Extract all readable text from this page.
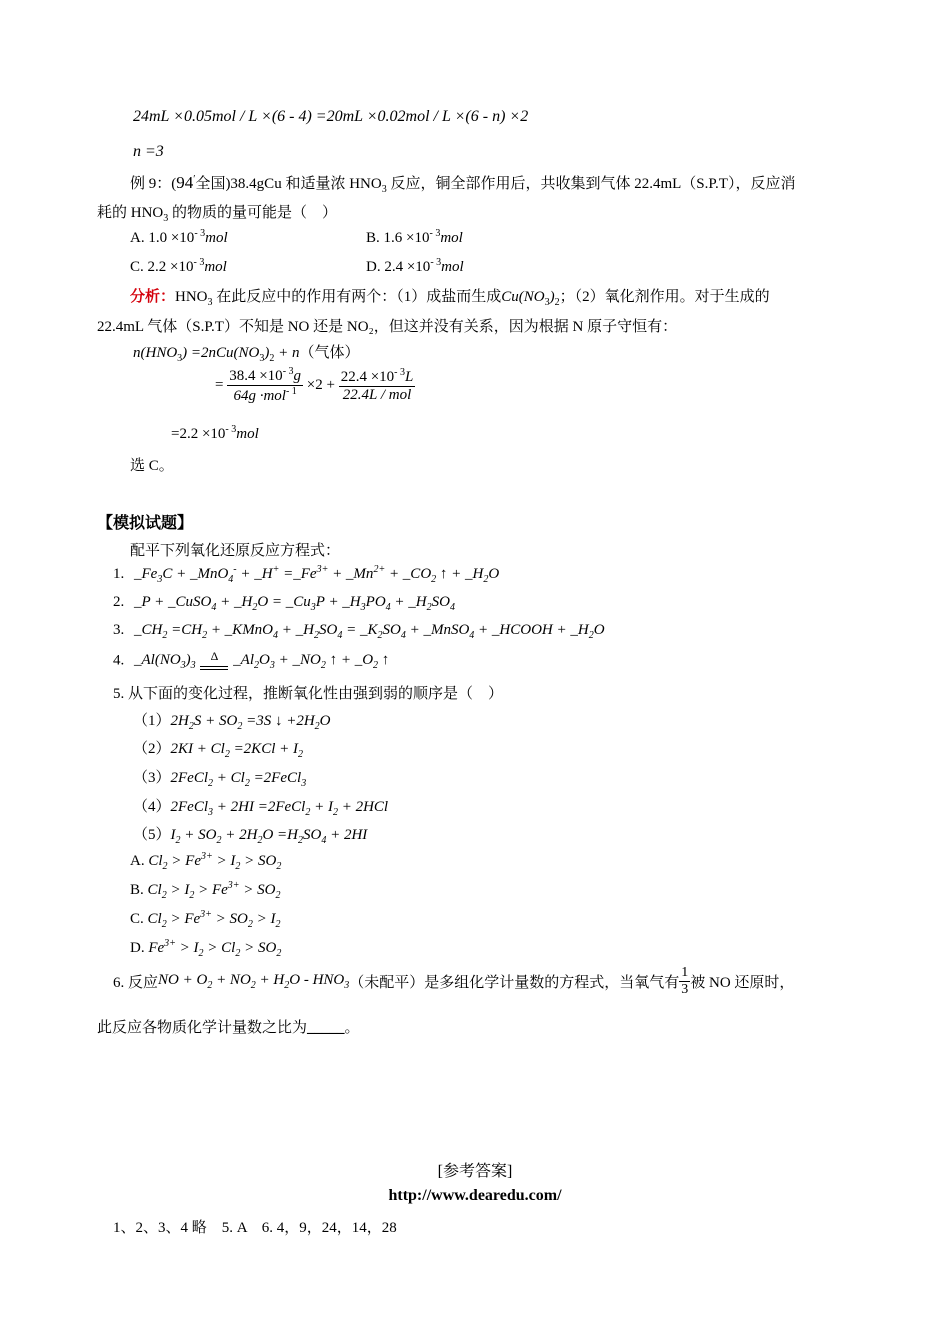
24mL ×0.05mol / L ×(6 - 4) =20mL ×0.02mol / L ×(6 - n) ×2
n =3
例 9：(94′全国)38.4gCu 和适量浓 $HNO_3$ 反应，铜全部作用后，共收集到气体 22.4mL（S.P.T），反应消
耗的 $HNO_3$ 的物质的量可能是（　）
A. $1.0 \times 10^{- 3}mol$	B. $1.6 \times 10^{- 3}mol$
C. $2.2 \times 10^{- 3}mol$	D. $2.4 \times 10^{- 3}mol$
分析：$HNO_3$ 在此反应中的作用有两个：（1）成盐而生成$Cu(NO_3)_2$；（2）氧化剂作用。对于生成的
22.4mL 气体（S.P.T）不知是 NO 还是 NO₂，但这并没有关系，因为根据 N 原子守恒有：
$n(HNO_3) =2nCu(NO_3)_2 + n$（气体）
= $\frac{38.4 \times 10^{- 3}g}{64g \cdot mol^{- 1}} \times 2 + \frac{22.4 \times 10^{- 3}L}{\text{22.4L / mol}}$
$=2.2 \times 10^{- 3}mol$
选 C。
【模拟试题】
配平下列氧化还原反应方程式：
1. $\_Fe_3C$ + _MnO$_4$- + _H+ $=\_Fe^{3+}$ + $\_Mn^{2+}$ + $\_CO_2$ ↑ + $\_H_2O$
2. _P + _CuSO$_4$ + $\_H_2O$ = $\_Cu_3P$ + $\_H_3PO_4$ + $\_H_2SO_4$
3. $\_CH_2 =CH_2$ + _KMnO$_4$ + $\_H_2SO_4$ = $\_K_2SO_4$ + _MnSO$_4$ + _HCOOH + $\_H_2O$
4. $\_Al(NO_3)_3$ Δ $\_Al_2O_3$ + $\_NO_2$ ↑ + $\_O_2$ ↑
5. 从下面的变化过程，推断氧化性由强到弱的顺序是（　）
$(1)2H_2S + SO_2 =3S$ ↓ $+2H_2O$
$(2)2KI + Cl_2 =2KCl + I_2$
（3）2FeCl$_2$ + $Cl_2$ =2FeCl$_3$
（4）2FeCl$_3$ + 2HI =2FeCl$_2$ + $I_2 + 2HCl$
$(5)I_2 + SO_2 + 2H_2O =H_2SO_4 + 2HI$
A. $Cl_2 > Fe^{3+} > I_2 > SO_2$
B. $Cl_2 > I_2 > Fe^{3+} > SO_2$
C. $Cl_2 > Fe^{3+} > SO_2 > I_2$
D. $Fe^{3+} > I_2 > Cl_2 > SO_2$
6. 反应NO + $O_2 + NO_2 + H_2O - HNO_3$（未配平）是多组化学计量数的方程式，当氧气有 $\frac{1}{3}$ 被 NO 还原时，
此反应各物质化学计量数之比为_____。
[参考答案]
http://www.dearedu.com/
1、2、3、4 略　5. A　6. 4，9，24，14，28
